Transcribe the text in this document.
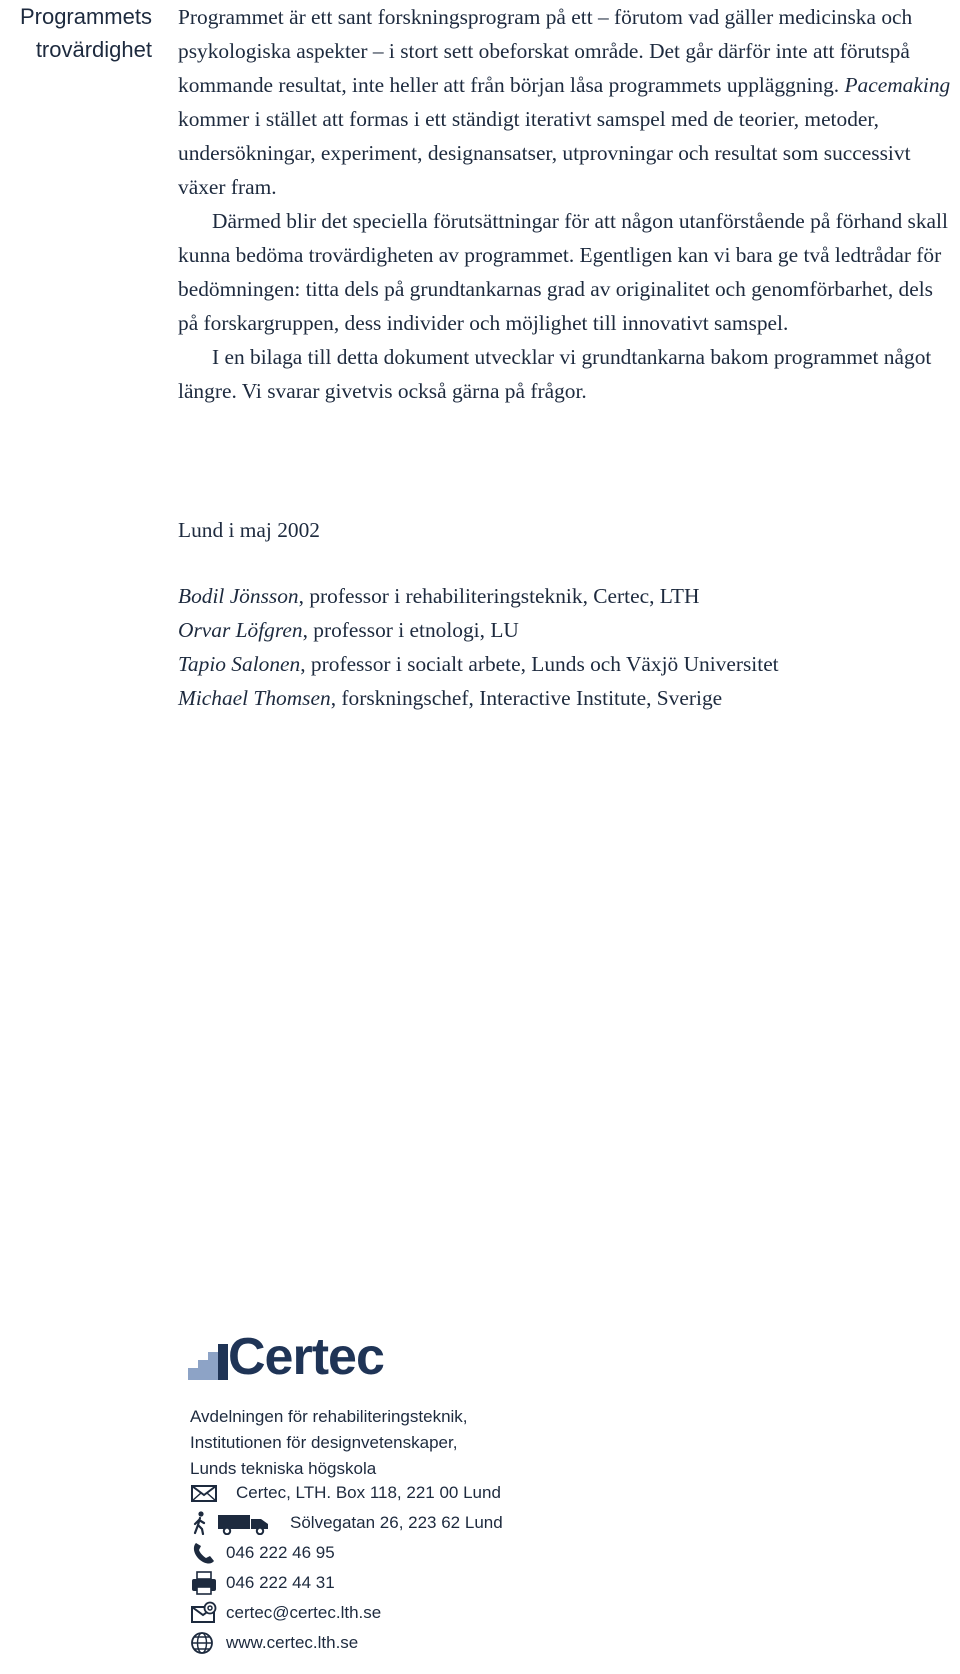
Programmets
trovärdighet

Programmet är ett sant forskningsprogram på ett – förutom vad gäller medicinska och psykologiska aspekter – i stort sett obeforskat område. Det går därför inte att förutspå kommande resultat, inte heller att från början låsa programmets uppläggning. Pacemaking kommer i stället att formas i ett ständigt iterativt samspel med de teorier, metoder, undersökningar, experiment, designansatser, utprovningar och resultat som successivt växer fram.

Därmed blir det speciella förutsättningar för att någon utanförstående på förhand skall kunna bedöma trovärdigheten av programmet. Egentligen kan vi bara ge två ledtrådar för bedömningen: titta dels på grundtankarnas grad av originalitet och genomförbarhet, dels på forskargruppen, dess individer och möjlighet till innovativt samspel.

I en bilaga till detta dokument utvecklar vi grundtankarna bakom programmet något längre. Vi svarar givetvis också gärna på frågor.

Lund i maj 2002

Bodil Jönsson, professor i rehabiliteringsteknik, Certec, LTH

Orvar Löfgren, professor i etnologi, LU

Tapio Salonen, professor i socialt arbete, Lunds och Växjö Universitet

Michael Thomsen, forskningschef, Interactive Institute, Sverige

Certec
Avdelningen för rehabiliteringsteknik,
Institutionen för designvetenskaper,
Lunds tekniska högskola
Certec, LTH. Box 118, 221 00 Lund
Sölvegatan 26, 223 62 Lund
046 222 46 95
046 222 44 31
certec@certec.lth.se
www.certec.lth.se
